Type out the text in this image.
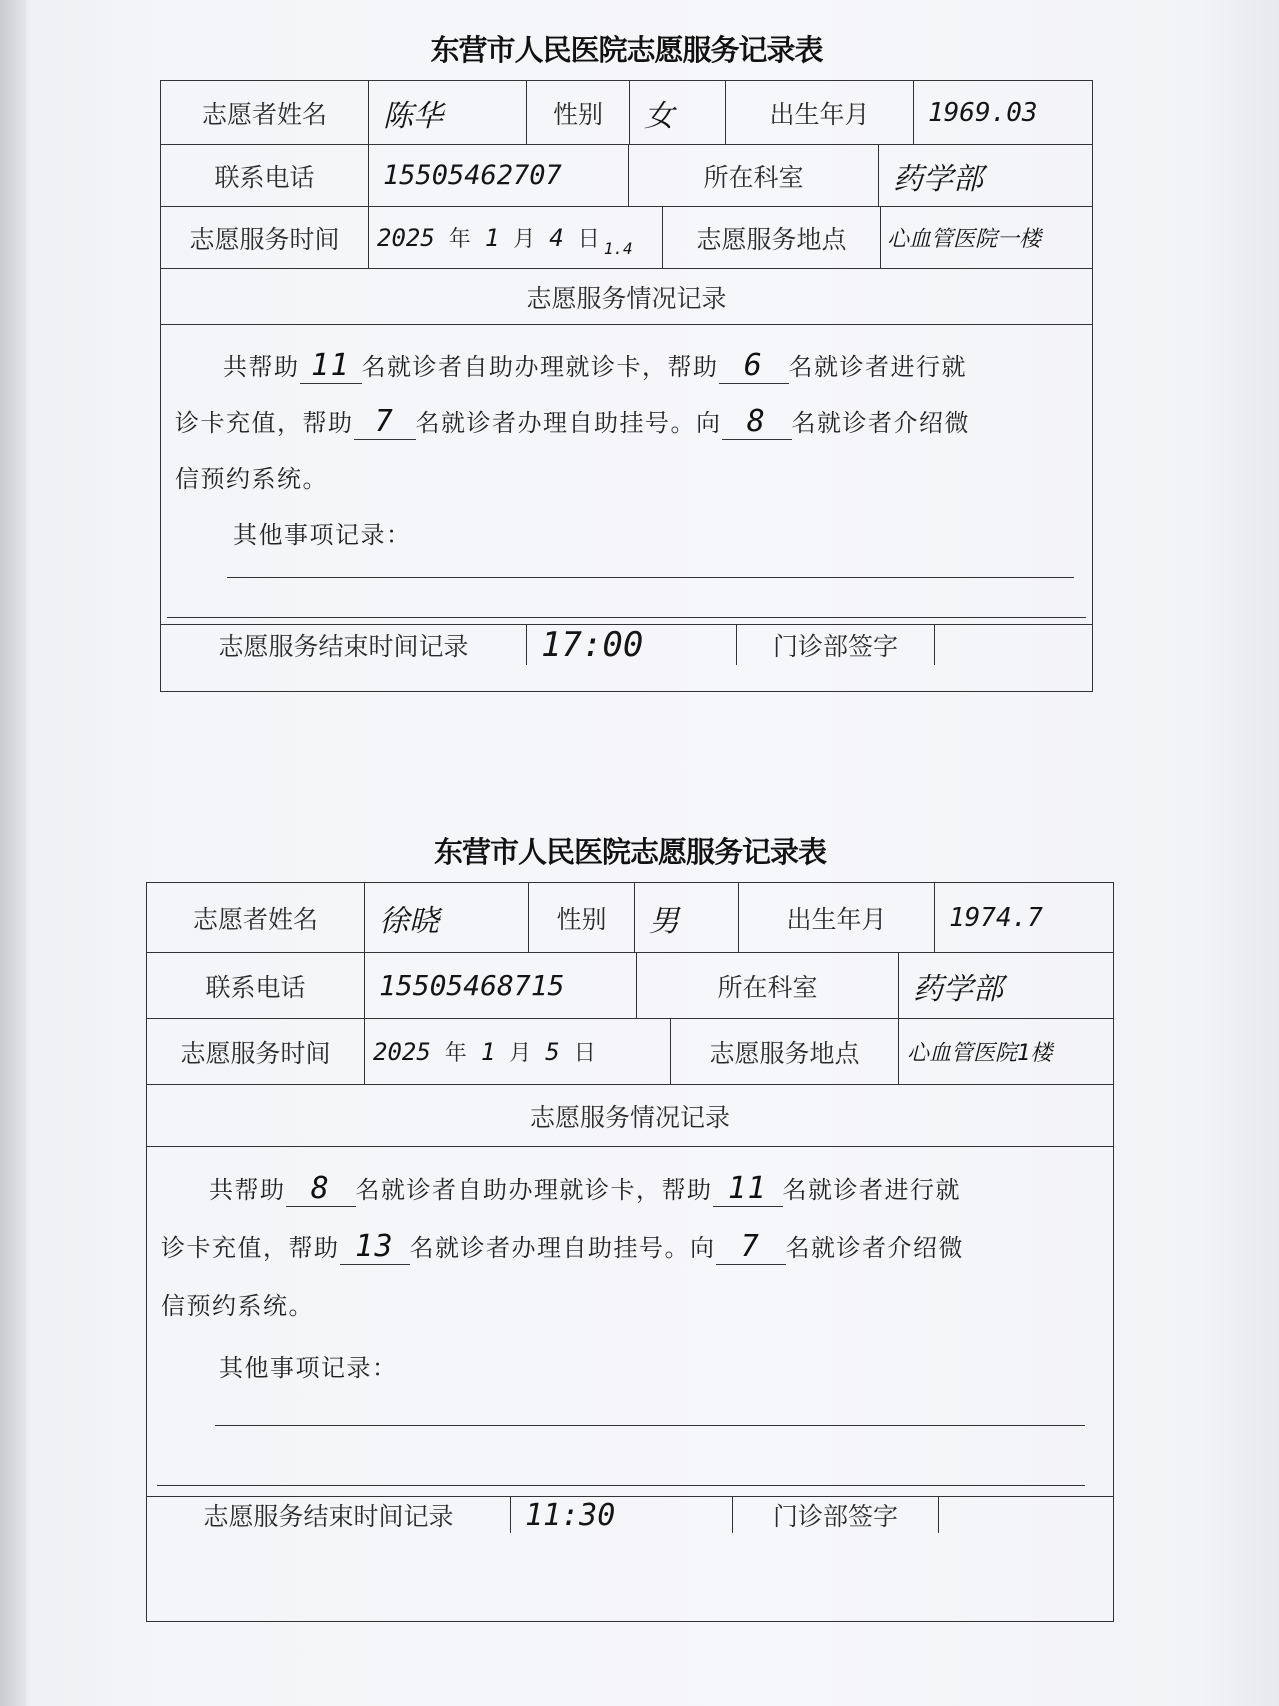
东营市人民医院志愿服务记录表
志愿者姓名	陈华	性别	女	出生年月	1969.03
联系电话	15505462707	所在科室	药学部
志愿服务时间	2025 年 1 月 4 日 1.4	志愿服务地点	心血管医院一楼
志愿服务情况记录
共帮助 11 名就诊者自助办理就诊卡，帮助 6 名就诊者进行就
诊卡充值，帮助 7 名就诊者办理自助挂号。向 8 名就诊者介绍微
信预约系统。
其他事项记录：
志愿服务结束时间记录	17:00	门诊部签字
东营市人民医院志愿服务记录表
志愿者姓名	徐晓	性别	男	出生年月	1974.7
联系电话	15505468715	所在科室	药学部
志愿服务时间	2025 年 1 月 5 日	志愿服务地点	心血管医院1楼
志愿服务情况记录
共帮助 8 名就诊者自助办理就诊卡，帮助 11 名就诊者进行就
诊卡充值，帮助 13 名就诊者办理自助挂号。向 7 名就诊者介绍微
信预约系统。
其他事项记录：
志愿服务结束时间记录	11:30	门诊部签字
